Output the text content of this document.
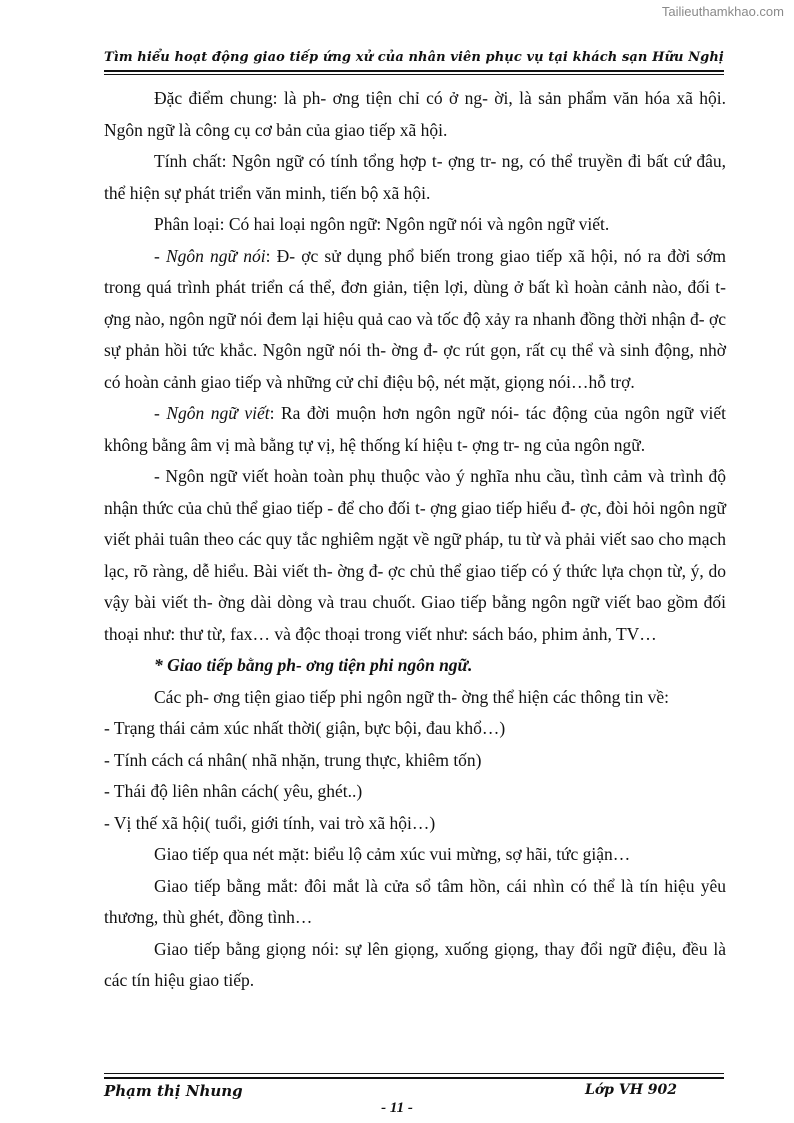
Tailieuthamkhao.com
Tìm hiểu hoạt động giao tiếp ứng xử của nhân viên phục vụ tại khách sạn Hữu Nghị

Đặc điểm chung: là ph- ơng tiện chỉ có ở ng- ời, là sản phẩm văn hóa xã hội. Ngôn ngữ là công cụ cơ bản của giao tiếp xã hội.

Tính chất: Ngôn ngữ có tính tổng hợp t- ợng tr- ng, có thể truyền đi bất cứ đâu, thể hiện sự phát triển văn minh, tiến bộ xã hội.

Phân loại: Có hai loại ngôn ngữ: Ngôn ngữ nói và ngôn ngữ viết.

- Ngôn ngữ nói: Đ- ợc sử dụng phổ biến trong giao tiếp xã hội, nó ra đời sớm trong quá trình phát triển cá thể, đơn giản, tiện lợi, dùng ở bất kì hoàn cảnh nào, đối t- ợng nào, ngôn ngữ nói đem lại hiệu quả cao và tốc độ xảy ra nhanh đồng thời nhận đ- ợc sự phản hồi tức khắc. Ngôn ngữ nói th- ờng đ- ợc rút gọn, rất cụ thể và sinh động, nhờ có hoàn cảnh giao tiếp và những cử chỉ điệu bộ, nét mặt, giọng nói…hỗ trợ.

- Ngôn ngữ viết: Ra đời muộn hơn ngôn ngữ nói- tác động của ngôn ngữ viết không bằng âm vị mà bằng tự vị, hệ thống kí hiệu t- ợng tr- ng của ngôn ngữ.

- Ngôn ngữ viết hoàn toàn phụ thuộc vào ý nghĩa nhu cầu, tình cảm và trình độ nhận thức của chủ thể giao tiếp - để cho đối t- ợng giao tiếp hiểu đ- ợc, đòi hỏi ngôn ngữ viết phải tuân theo các quy tắc nghiêm ngặt về ngữ pháp, tu từ và phải viết sao cho mạch lạc, rõ ràng, dễ hiểu. Bài viết th- ờng đ- ợc chủ thể giao tiếp có ý thức lựa chọn từ, ý, do vậy bài viết th- ờng dài dòng và trau chuốt. Giao tiếp bằng ngôn ngữ viết bao gồm đối thoại như: thư từ, fax… và độc thoại trong viết như: sách báo, phim ảnh, TV…

* Giao tiếp bằng ph- ơng tiện phi ngôn ngữ.

Các ph- ơng tiện giao tiếp phi ngôn ngữ th- ờng thể hiện các thông tin về:

- Trạng thái cảm xúc nhất thời( giận, bực bội, đau khổ…)

- Tính cách cá nhân( nhã nhặn, trung thực, khiêm tốn)

- Thái độ liên nhân cách( yêu, ghét..)

- Vị thế xã hội( tuổi, giới tính, vai trò xã hội…)

Giao tiếp qua nét mặt: biểu lộ cảm xúc vui mừng, sợ hãi, tức giận…

Giao tiếp bằng mắt: đôi mắt là cửa sổ tâm hồn, cái nhìn có thể là tín hiệu yêu thương, thù ghét, đồng tình…

Giao tiếp bằng giọng nói: sự lên giọng, xuống giọng, thay đổi ngữ điệu, đều là các tín hiệu giao tiếp.

Phạm thị Nhung	Lớp VH 902
- 11 -
